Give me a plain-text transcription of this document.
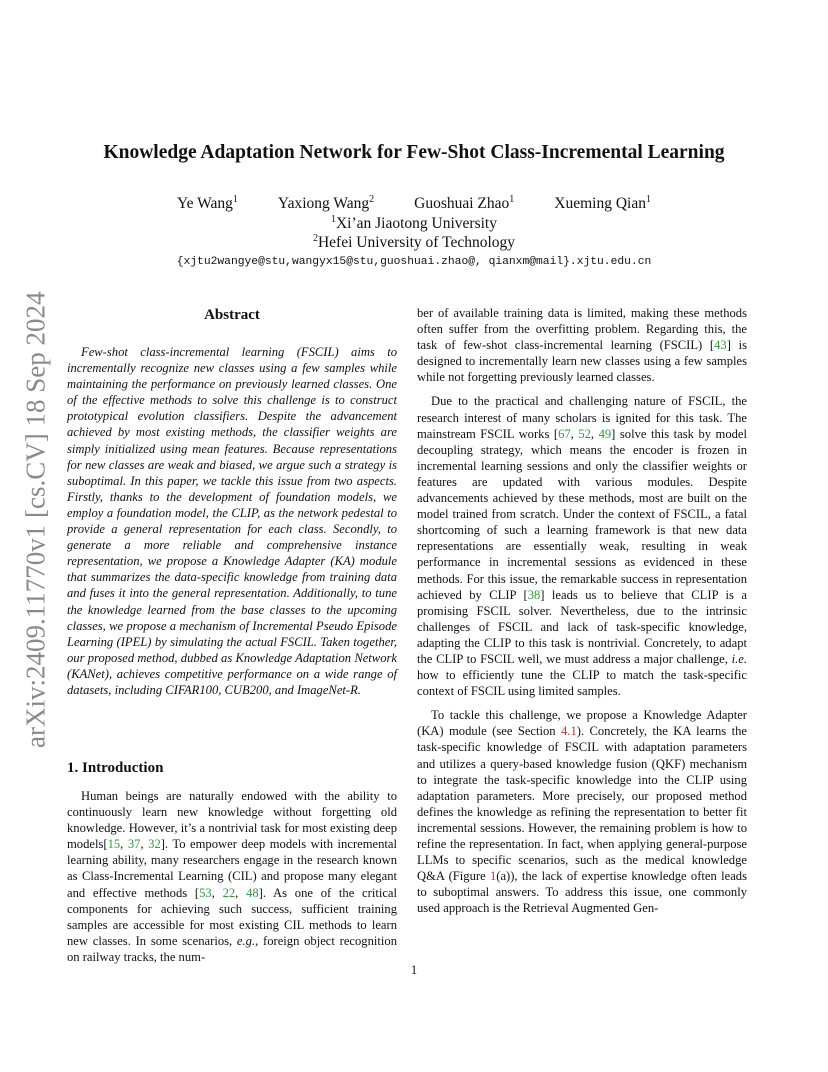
arXiv:2409.11770v1 [cs.CV] 18 Sep 2024
Knowledge Adaptation Network for Few-Shot Class-Incremental Learning
Ye Wang$^1$	Yaxiong Wang$^2$	Guoshuai Zhao$^1$	Xueming Qian$^1$
$^1$Xi’an Jiaotong University
$^2$Hefei University of Technology
{xjtu2wangye@stu,wangyx15@stu,guoshuai.zhao@, qianxm@mail}.xjtu.edu.cn
Abstract

Few-shot class-incremental learning (FSCIL) aims to incrementally recognize new classes using a few samples while maintaining the performance on previously learned classes. One of the effective methods to solve this challenge is to construct prototypical evolution classifiers. Despite the advancement achieved by most existing methods, the classifier weights are simply initialized using mean features. Because representations for new classes are weak and biased, we argue such a strategy is suboptimal. In this paper, we tackle this issue from two aspects. Firstly, thanks to the development of foundation models, we employ a foundation model, the CLIP, as the network pedestal to provide a general representation for each class. Secondly, to generate a more reliable and comprehensive instance representation, we propose a Knowledge Adapter (KA) module that summarizes the data-specific knowledge from training data and fuses it into the general representation. Additionally, to tune the knowledge learned from the base classes to the upcoming classes, we propose a mechanism of Incremental Pseudo Episode Learning (IPEL) by simulating the actual FSCIL. Taken together, our proposed method, dubbed as Knowledge Adaptation Network (KANet), achieves competitive performance on a wide range of datasets, including CIFAR100, CUB200, and ImageNet-R.

1. Introduction

Human beings are naturally endowed with the ability to continuously learn new knowledge without forgetting old knowledge. However, it’s a nontrivial task for most existing deep models[15, 37, 32]. To empower deep models with incremental learning ability, many researchers engage in the research known as Class-Incremental Learning (CIL) and propose many elegant and effective methods [53, 22, 48]. As one of the critical components for achieving such success, sufficient training samples are accessible for most existing CIL methods to learn new classes. In some scenarios, e.g., foreign object recognition on railway tracks, the num-

ber of available training data is limited, making these methods often suffer from the overfitting problem. Regarding this, the task of few-shot class-incremental learning (FSCIL) [43] is designed to incrementally learn new classes using a few samples while not forgetting previously learned classes.

Due to the practical and challenging nature of FSCIL, the research interest of many scholars is ignited for this task. The mainstream FSCIL works [67, 52, 49] solve this task by model decoupling strategy, which means the encoder is frozen in incremental learning sessions and only the classifier weights or features are updated with various modules. Despite advancements achieved by these methods, most are built on the model trained from scratch. Under the context of FSCIL, a fatal shortcoming of such a learning framework is that new data representations are essentially weak, resulting in weak performance in incremental sessions as evidenced in these methods. For this issue, the remarkable success in representation achieved by CLIP [38] leads us to believe that CLIP is a promising FSCIL solver. Nevertheless, due to the intrinsic challenges of FSCIL and lack of task-specific knowledge, adapting the CLIP to this task is nontrivial. Concretely, to adapt the CLIP to FSCIL well, we must address a major challenge, i.e. how to efficiently tune the CLIP to match the task-specific context of FSCIL using limited samples.

To tackle this challenge, we propose a Knowledge Adapter (KA) module (see Section 4.1). Concretely, the KA learns the task-specific knowledge of FSCIL with adaptation parameters and utilizes a query-based knowledge fusion (QKF) mechanism to integrate the task-specific knowledge into the CLIP using adaptation parameters. More precisely, our proposed method defines the knowledge as refining the representation to better fit incremental sessions. However, the remaining problem is how to refine the representation. In fact, when applying general-purpose LLMs to specific scenarios, such as the medical knowledge Q&A (Figure 1(a)), the lack of expertise knowledge often leads to suboptimal answers. To address this issue, one commonly used approach is the Retrieval Augmented Gen-

1
